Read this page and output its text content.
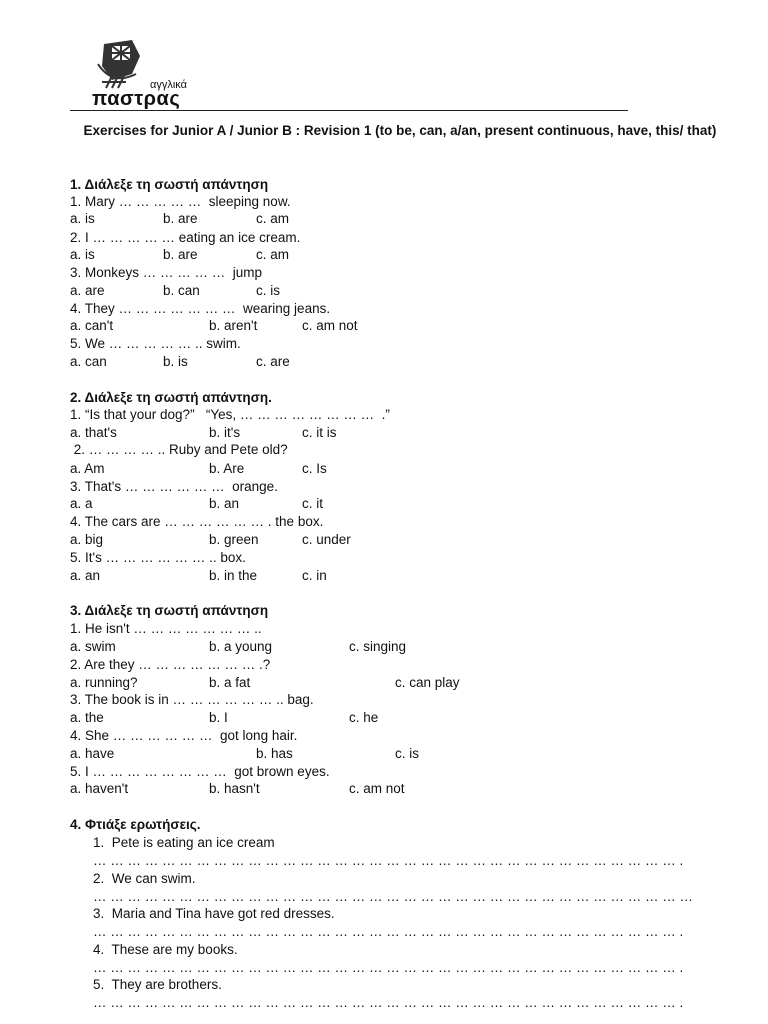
αγγλικά
παστρας
Exercises for Junior A / Junior B : Revision 1 (to be, can, a/an, present continuous, have, this/ that)
1. Διάλεξε τη σωστή απάντηση
1. Mary … … … … …  sleeping now.
a. is	b. are	c. am
2. I … … … … … eating an ice cream.
a. is	b. are	c. am
3. Monkeys … … … … …  jump
a. are	b. can	c. is
4. They … … … … … … …  wearing jeans.
a. can't	b. aren't	c. am not
5. We … … … … … .. swim.
a. can	b. is	c. are
2. Διάλεξε τη σωστή απάντηση.
1. “Is that your dog?”   “Yes, … … … … … … … …  .”
a. that's	b. it's	c. it is
2. … … … … .. Ruby and Pete old?
a. Am	b. Are	c. Is
3. That's … … … … … …  orange.
a. a	b. an	c. it
4. The cars are … … … … … … . the box.
a. big	b. green	c. under
5. It's … … … … … … .. box.
a. an	b. in the	c. in
3. Διάλεξε τη σωστή απάντηση
1. He isn't … … … … … … … ..
a. swim	b. a young	c. singing
2. Are they … … … … … … … .?
a. running?	b. a fat	c. can play
3. The book is in … … … … … … .. bag.
a. the	b. I	c. he
4. She … … … … … …  got long hair.
a. have	b. has	c. is
5. I … … … … … … … …  got brown eyes.
a. haven't	b. hasn't	c. am not
4. Φτιάξε ερωτήσεις.
1.  Pete is eating an ice cream
… … … … … … … … … … … … … … … … … … … … … … … … … … … … … … … … … … .
2.  We can swim.
… … … … … … … … … … … … … … … … … … … … … … … … … … … … … … … … … … …
3.  Maria and Tina have got red dresses.
… … … … … … … … … … … … … … … … … … … … … … … … … … … … … … … … … … .
4.  These are my books.
… … … … … … … … … … … … … … … … … … … … … … … … … … … … … … … … … … .
5.  They are brothers.
… … … … … … … … … … … … … … … … … … … … … … … … … … … … … … … … … … .
